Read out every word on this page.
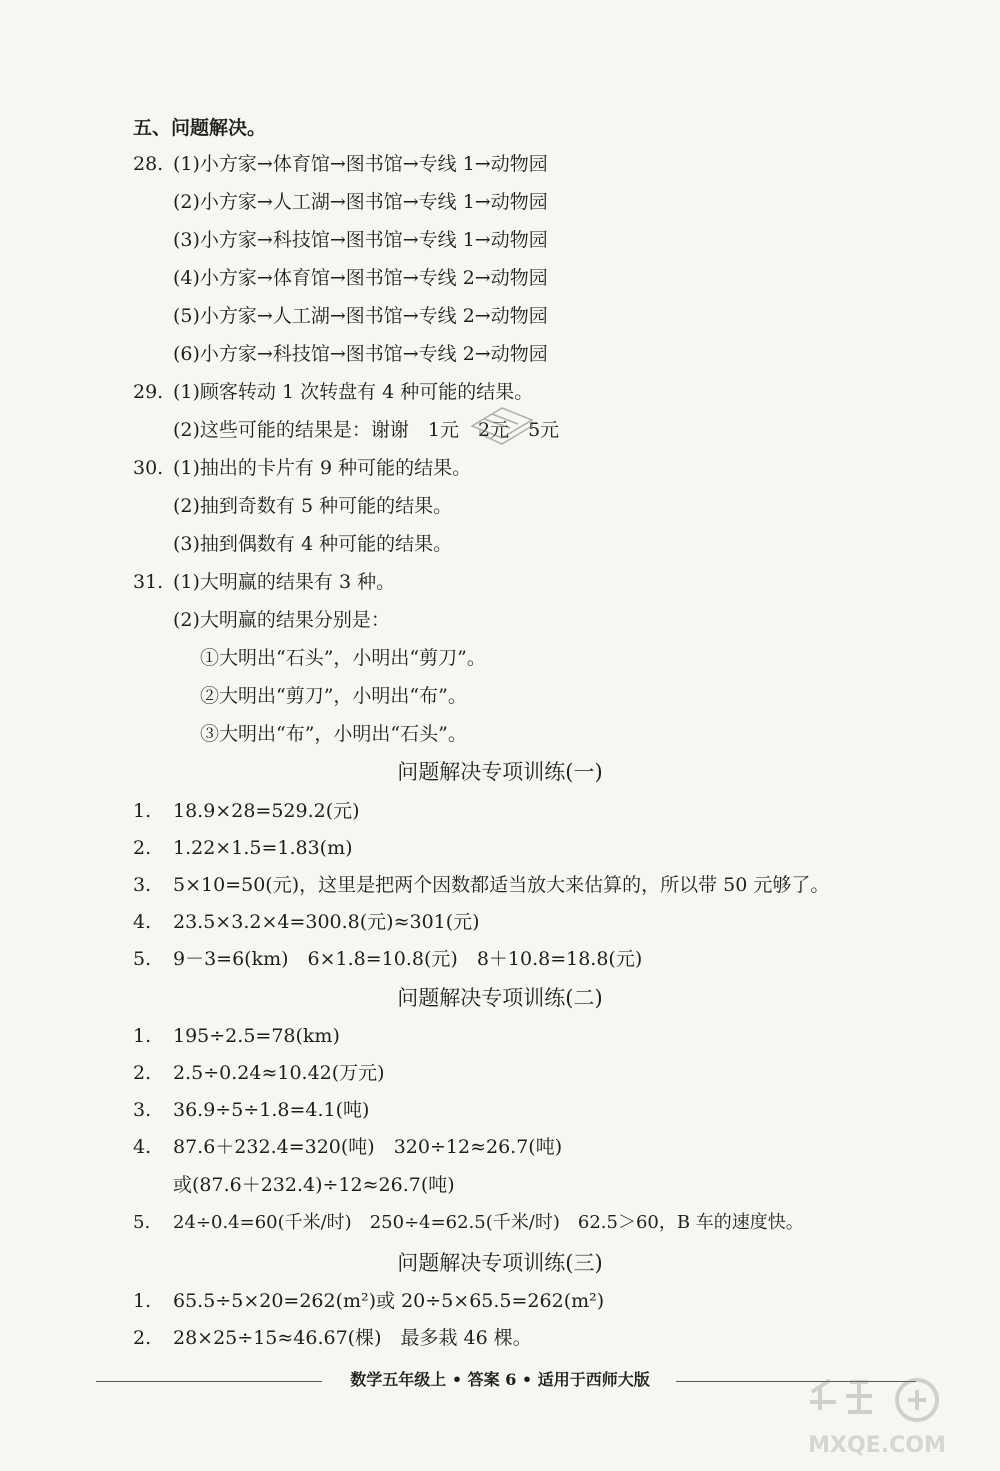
五、问题解决。
28. (1)小方家→体育馆→图书馆→专线 1→动物园
(2)小方家→人工湖→图书馆→专线 1→动物园
(3)小方家→科技馆→图书馆→专线 1→动物园
(4)小方家→体育馆→图书馆→专线 2→动物园
(5)小方家→人工湖→图书馆→专线 2→动物园
(6)小方家→科技馆→图书馆→专线 2→动物园
29. (1)顾客转动 1 次转盘有 4 种可能的结果。
(2)这些可能的结果是：谢谢　1元　2元　5元
30. (1)抽出的卡片有 9 种可能的结果。
(2)抽到奇数有 5 种可能的结果。
(3)抽到偶数有 4 种可能的结果。
31. (1)大明赢的结果有 3 种。
(2)大明赢的结果分别是：
①大明出“石头”，小明出“剪刀”。
②大明出“剪刀”，小明出“布”。
③大明出“布”，小明出“石头”。
问题解决专项训练(一)
1. 18.9×28=529.2(元)
2. 1.22×1.5=1.83(m)
3. 5×10=50(元)，这里是把两个因数都适当放大来估算的，所以带 50 元够了。
4. 23.5×3.2×4=300.8(元)≈301(元)
5. 9－3=6(km)　6×1.8=10.8(元)　8＋10.8=18.8(元)
问题解决专项训练(二)
1. 195÷2.5=78(km)
2. 2.5÷0.24≈10.42(万元)
3. 36.9÷5÷1.8=4.1(吨)
4. 87.6＋232.4=320(吨)　320÷12≈26.7(吨)
或(87.6＋232.4)÷12≈26.7(吨)
5. 24÷0.4=60(千米/时)　250÷4=62.5(千米/时)　62.5＞60，B 车的速度快。
问题解决专项训练(三)
1. 65.5÷5×20=262(m²)或 20÷5×65.5=262(m²)
2. 28×25÷15≈46.67(棵)　最多栽 46 棵。
数学五年级上 • 答案 6 • 适用于西师大版
MXQE.COM
